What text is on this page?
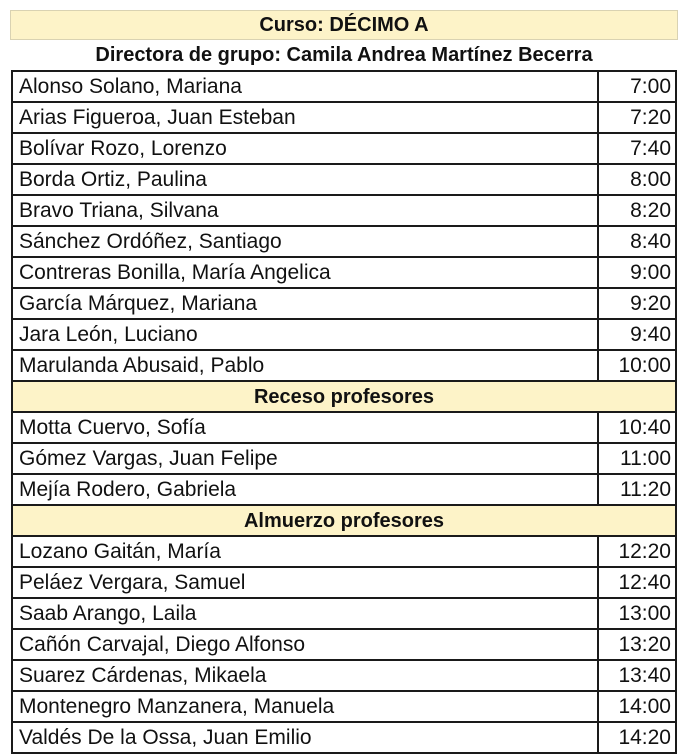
Curso: DÉCIMO A
Directora de grupo: Camila Andrea Martínez Becerra
Alonso Solano, Mariana	7:00
Arias Figueroa, Juan Esteban	7:20
Bolívar Rozo, Lorenzo	7:40
Borda Ortiz, Paulina	8:00
Bravo Triana, Silvana	8:20
Sánchez Ordóñez, Santiago	8:40
Contreras Bonilla, María Angelica	9:00
García Márquez, Mariana	9:20
Jara León, Luciano	9:40
Marulanda Abusaid, Pablo	10:00
Receso profesores	
Motta Cuervo, Sofía	10:40
Gómez Vargas, Juan Felipe	11:00
Mejía Rodero, Gabriela	11:20
Almuerzo profesores	
Lozano Gaitán, María	12:20
Peláez Vergara, Samuel	12:40
Saab Arango, Laila	13:00
Cañón Carvajal, Diego Alfonso	13:20
Suarez Cárdenas, Mikaela	13:40
Montenegro Manzanera, Manuela	14:00
Valdés De la Ossa, Juan Emilio	14:20
